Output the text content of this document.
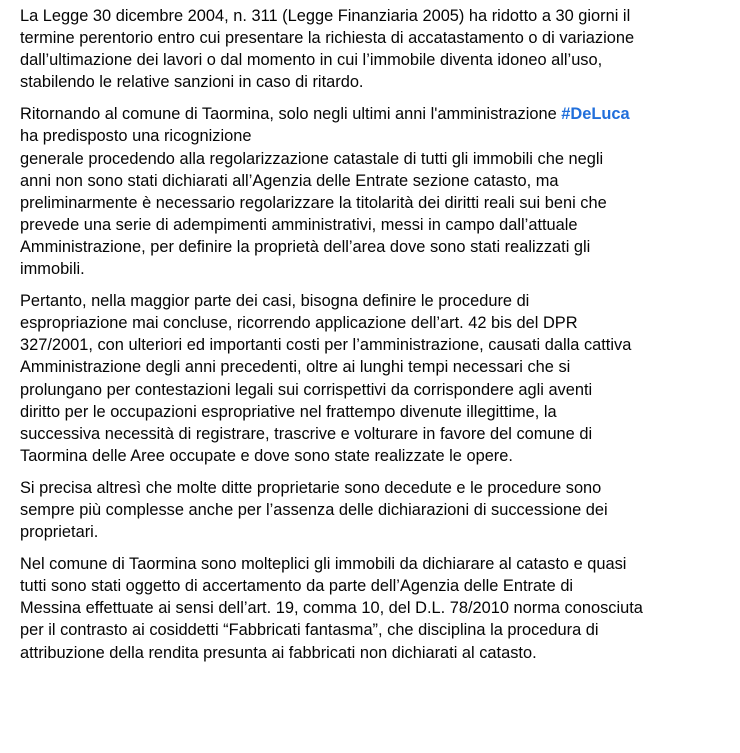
La Legge 30 dicembre 2004, n. 311 (Legge Finanziaria 2005) ha ridotto a 30 giorni il
termine perentorio entro cui presentare la richiesta di accatastamento o di variazione
dall’ultimazione dei lavori o dal momento in cui l’immobile diventa idoneo all’uso,
stabilendo le relative sanzioni in caso di ritardo.

Ritornando al comune di Taormina, solo negli ultimi anni l'amministrazione #DeLuca
ha predisposto una ricognizione
generale procedendo alla regolarizzazione catastale di tutti gli immobili che negli
anni non sono stati dichiarati all’Agenzia delle Entrate sezione catasto, ma
preliminarmente è necessario regolarizzare la titolarità dei diritti reali sui beni che
prevede una serie di adempimenti amministrativi, messi in campo dall’attuale
Amministrazione, per definire la proprietà dell’area dove sono stati realizzati gli
immobili.

Pertanto, nella maggior parte dei casi, bisogna definire le procedure di
espropriazione mai concluse, ricorrendo applicazione dell’art. 42 bis del DPR
327/2001, con ulteriori ed importanti costi per l’amministrazione, causati dalla cattiva
Amministrazione degli anni precedenti, oltre ai lunghi tempi necessari che si
prolungano per contestazioni legali sui corrispettivi da corrispondere agli aventi
diritto per le occupazioni espropriative nel frattempo divenute illegittime, la
successiva necessità di registrare, trascrive e volturare in favore del comune di
Taormina delle Aree occupate e dove sono state realizzate le opere.

Si precisa altresì che molte ditte proprietarie sono decedute e le procedure sono
sempre più complesse anche per l’assenza delle dichiarazioni di successione dei
proprietari.

Nel comune di Taormina sono molteplici gli immobili da dichiarare al catasto e quasi
tutti sono stati oggetto di accertamento da parte dell’Agenzia delle Entrate di
Messina effettuate ai sensi dell’art. 19, comma 10, del D.L. 78/2010 norma conosciuta
per il contrasto ai cosiddetti “Fabbricati fantasma”, che disciplina la procedura di
attribuzione della rendita presunta ai fabbricati non dichiarati al catasto.
